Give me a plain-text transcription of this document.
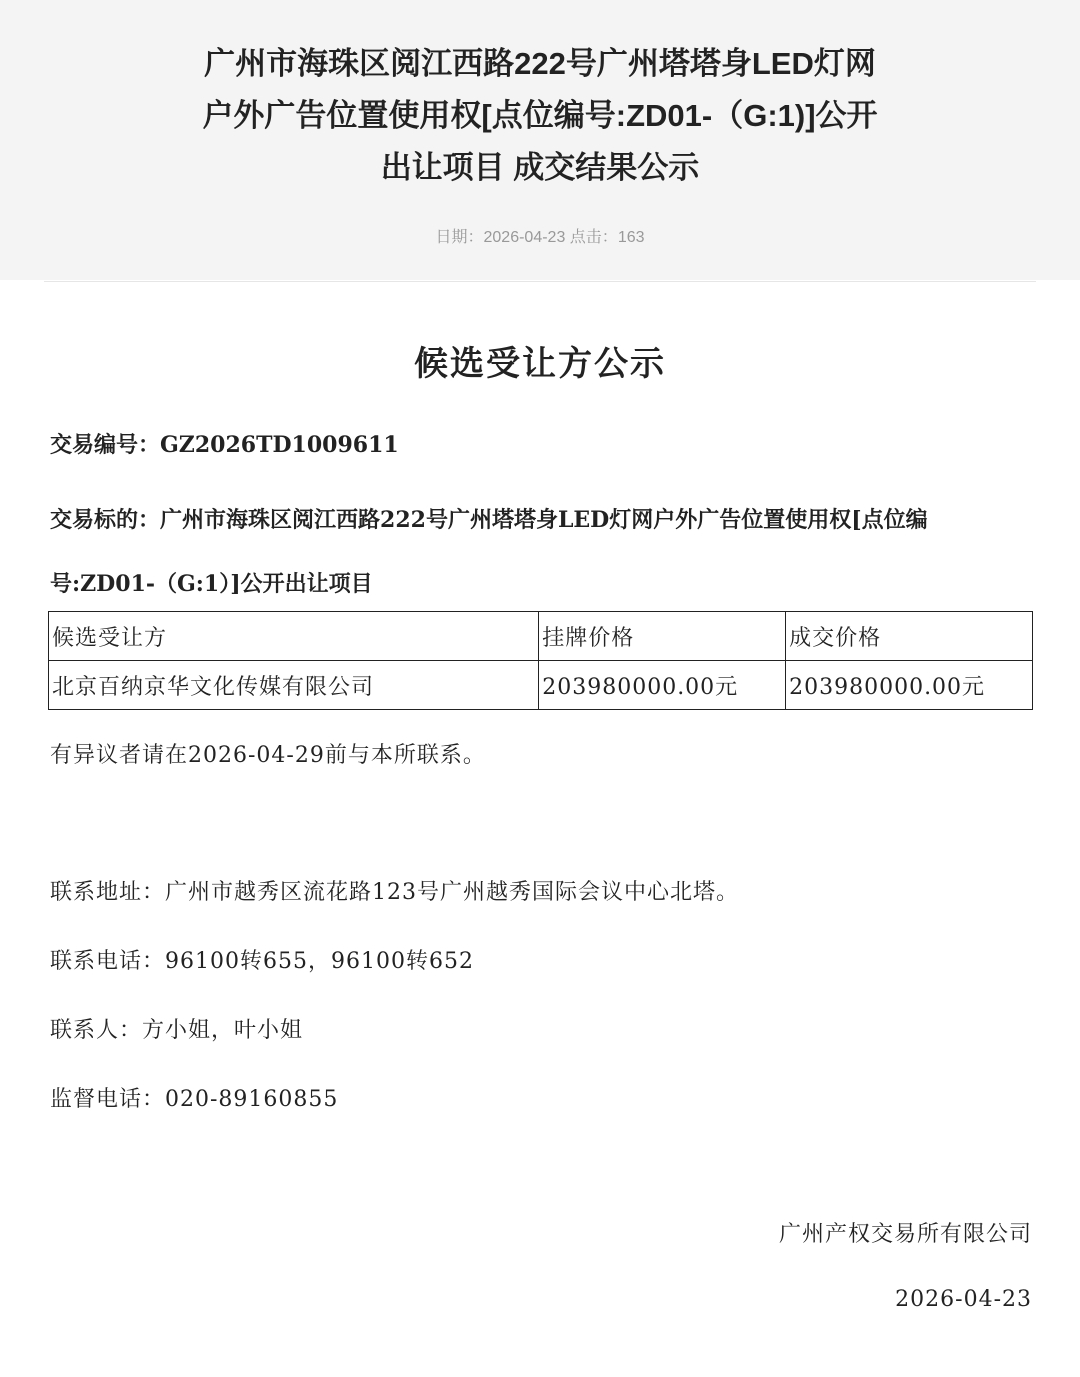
广州市海珠区阅江西路222号广州塔塔身LED灯网
户外广告位置使用权[点位编号:ZD01-（G:1)]公开
出让项目 成交结果公示
日期：2026-04-23 点击：163
候选受让方公示
交易编号：GZ2026TD1009611
交易标的：广州市海珠区阅江西路222号广州塔塔身LED灯网户外广告位置使用权[点位编号:ZD01-（G:1）]公开出让项目
候选受让方	挂牌价格	成交价格
北京百纳京华文化传媒有限公司	203980000.00元	203980000.00元
有异议者请在2026-04-29前与本所联系。
联系地址：广州市越秀区流花路123号广州越秀国际会议中心北塔。
联系电话：96100转655，96100转652
联系人：方小姐，叶小姐
监督电话：020-89160855
广州产权交易所有限公司
2026-04-23
